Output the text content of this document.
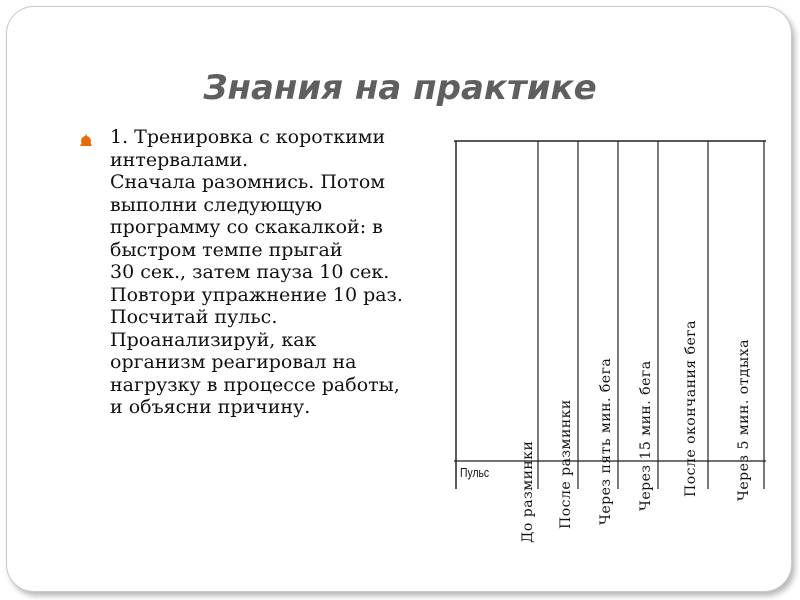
Знания на практике

1. Тренировка с короткими
интервалами.
Сначала разомнись. Потом
выполни следующую
программу со скакалкой: в
быстром темпе прыгай
30 сек., затем пауза 10 сек.
Повтори упражнение 10 раз.
Посчитай пульс.
Проанализируй, как
организм реагировал на
нагрузку в процессе работы,
и объясни причину.

До разминки После разминки Через пять мин. бега Через 15 мин. бега После окончания бега	Через 5 мин. отдыха
Пульс
